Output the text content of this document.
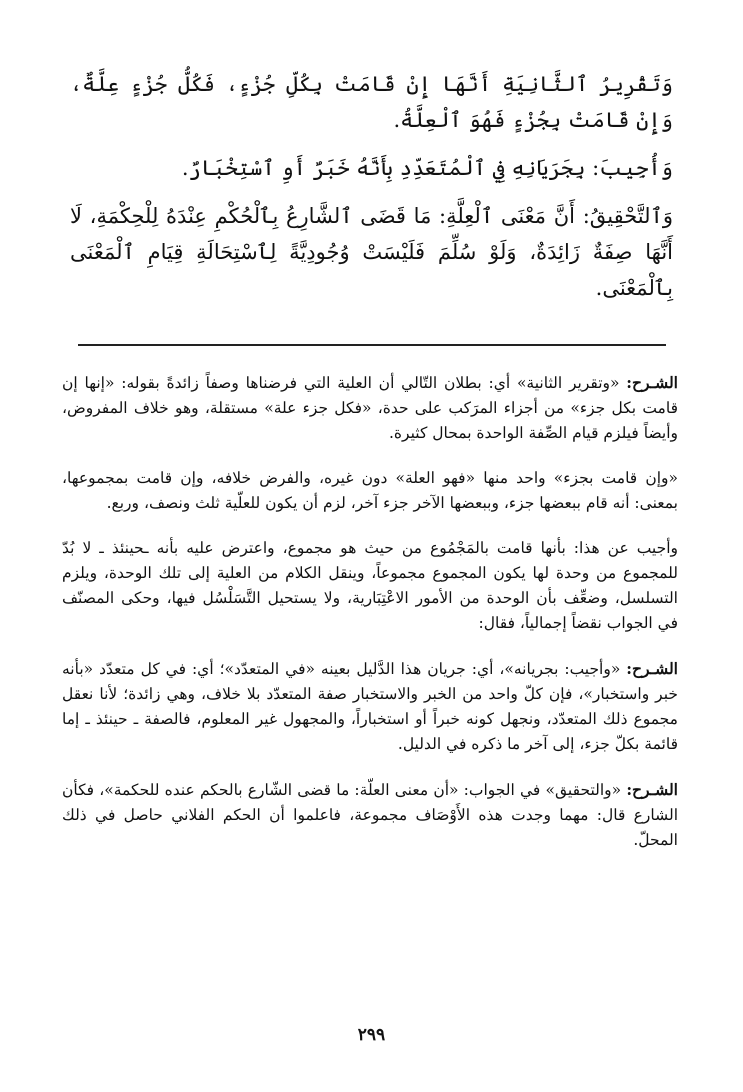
وَتَقْرِيرُ ٱلثَّانِيَةِ أَنَّهَا إِنْ قَامَتْ بِكُلِّ جُزْءٍ، فَكُلُّ جُزْءٍ عِلَّةٌ، وَإِنْ قَامَتْ بِجُزْءٍ فَهُوَ ٱلْعِلَّةُ.

وَأُجِيبَ: بِجَرَيَانِهِ فِي ٱلْمُتَعَدِّدِ بِأَنَّهُ خَبَرٌ أَوِ ٱسْتِخْبَارٌ.

وَٱلتَّحْقِيقُ: أَنَّ مَعْنَى ٱلْعِلَّةِ: مَا قَضَى ٱلشَّارِعُ بِٱلْحُكْمِ عِنْدَهُ لِلْحِكْمَةِ، لَا أَنَّهَا صِفَةٌ زَائِدَةٌ، وَلَوْ سُلِّمَ فَلَيْسَتْ وُجُودِيَّةً لِٱسْتِحَالَةِ قِيَامِ ٱلْمَعْنَى بِٱلْمَعْنَى.

الشـرح: «وتقرير الثانية» أي: بطلان التّالي أن العلية التي فرضناها وصفاً زائدةً بقوله: «إنها إن قامت بكل جزء» من أجزاء المرَكب على حدة، «فكل جزء علة» مستقلة، وهو خلاف المفروض، وأيضاً فيلزم قيام الصِّفة الواحدة بمحال كثيرة.

«وإن قامت بجزء» واحد منها «فهو العلة» دون غيره، والفرض خلافه، وإن قامت بمجموعها، بمعنى: أنه قام ببعضها جزء، وببعضها الآخر جزء آخر، لزم أن يكون للعلّية ثلث ونصف، وربع.

وأجيب عن هذا: بأنها قامت بالمَجْمُوع من حيث هو مجموع، واعترض عليه بأنه ـحينئذ ـ لا بُدّ للمجموع من وحدة لها يكون المجموع مجموعاً، وينقل الكلام من العلية إلى تلك الوحدة، ويلزم التسلسل، وضعِّف بأن الوحدة من الأمور الاعْتِبَارية، ولا يستحيل التَّسَلْسُل فيها، وحكى المصنّف في الجواب نقضاً إجمالياً، فقال:

الشـرح: «وأجيب: بجريانه»، أي: جريان هذا الدَّليل بعينه «في المتعدّد»؛ أي: في كل متعدّد «بأنه خبر واستخبار»، فإن كلّ واحد من الخبر والاستخبار صفة المتعدّد بلا خلاف، وهي زائدة؛ لأنا نعقل مجموع ذلك المتعدّد، ونجهل كونه خبراً أو استخباراً، والمجهول غير المعلوم، فالصفة ـ حينئذ ـ إما قائمة بكلّ جزء، إلى آخر ما ذكره في الدليل.

الشـرح: «والتحقيق» في الجواب: «أن معنى العلّة: ما قضى الشّارع بالحكم عنده للحكمة»، فكأن الشارع قال: مهما وجدت هذه الأَوْصَاف مجموعة، فاعلموا أن الحكم الفلاني حاصل في ذلك المحلّ.

٢٩٩
